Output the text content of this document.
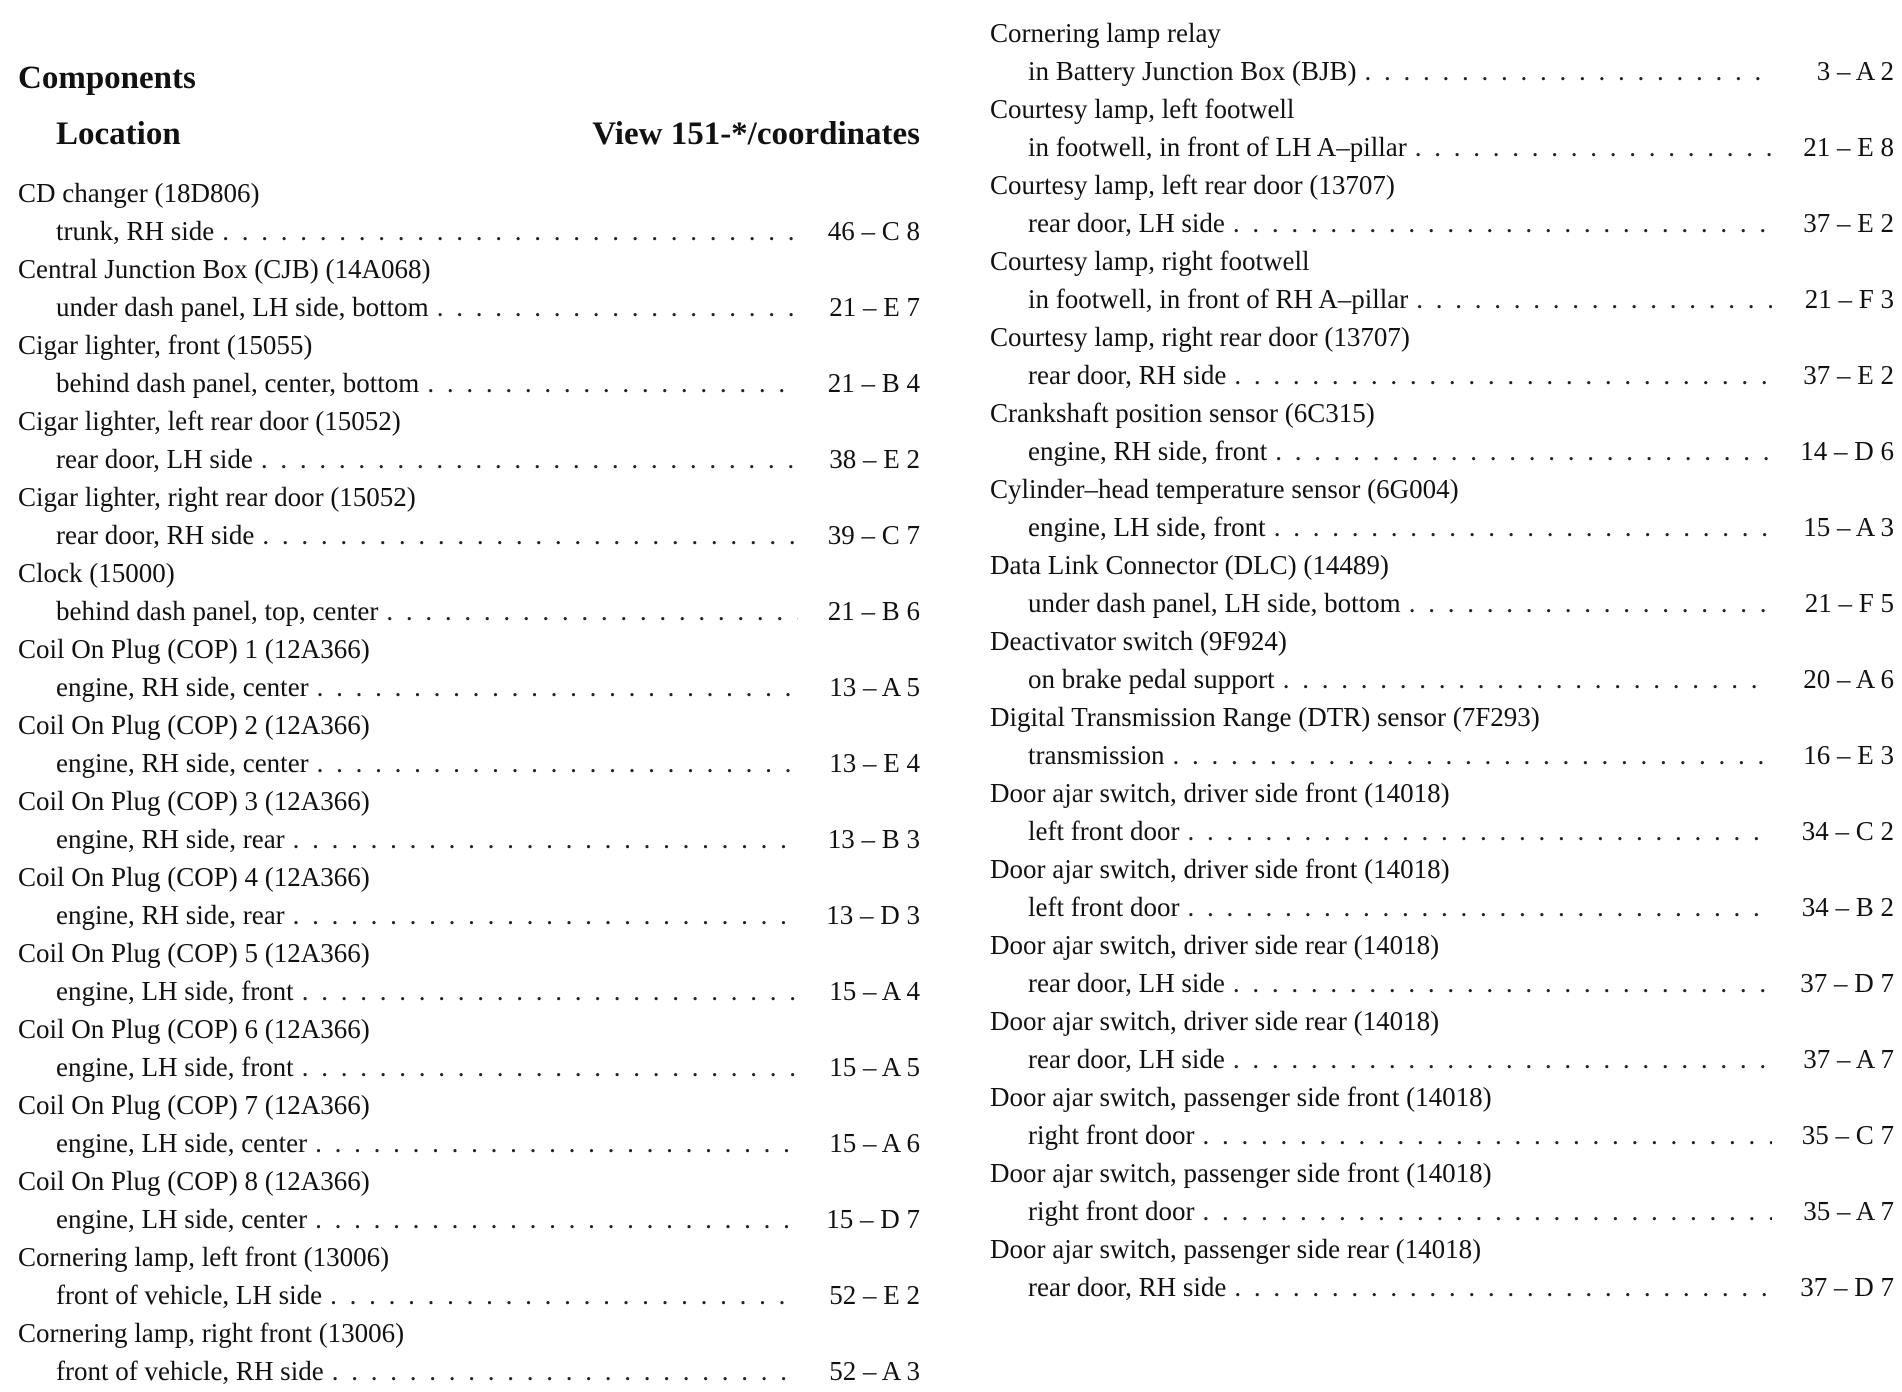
Components
Location	View 151-*/coordinates
CD changer (18D806)
trunk, RH side . . .	46 – C 8
Central Junction Box (CJB) (14A068)
under dash panel, LH side, bottom . . .	21 – E 7
Cigar lighter, front (15055)
behind dash panel, center, bottom . . .	21 – B 4
Cigar lighter, left rear door (15052)
rear door, LH side . . .	38 – E 2
Cigar lighter, right rear door (15052)
rear door, RH side . . .	39 – C 7
Clock (15000)
behind dash panel, top, center . . .	21 – B 6
Coil On Plug (COP) 1 (12A366)
engine, RH side, center . . .	13 – A 5
Coil On Plug (COP) 2 (12A366)
engine, RH side, center . . .	13 – E 4
Coil On Plug (COP) 3 (12A366)
engine, RH side, rear . . .	13 – B 3
Coil On Plug (COP) 4 (12A366)
engine, RH side, rear . . .	13 – D 3
Coil On Plug (COP) 5 (12A366)
engine, LH side, front . . .	15 – A 4
Coil On Plug (COP) 6 (12A366)
engine, LH side, front . . .	15 – A 5
Coil On Plug (COP) 7 (12A366)
engine, LH side, center . . .	15 – A 6
Coil On Plug (COP) 8 (12A366)
engine, LH side, center . . .	15 – D 7
Cornering lamp, left front (13006)
front of vehicle, LH side . . .	52 – E 2
Cornering lamp, right front (13006)
front of vehicle, RH side . . .	52 – A 3
Cornering lamp relay
in Battery Junction Box (BJB) . . .	3 – A 2
Courtesy lamp, left footwell
in footwell, in front of LH A–pillar . . .	21 – E 8
Courtesy lamp, left rear door (13707)
rear door, LH side . . .	37 – E 2
Courtesy lamp, right footwell
in footwell, in front of RH A–pillar . . .	21 – F 3
Courtesy lamp, right rear door (13707)
rear door, RH side . . .	37 – E 2
Crankshaft position sensor (6C315)
engine, RH side, front . . .	14 – D 6
Cylinder–head temperature sensor (6G004)
engine, LH side, front . . .	15 – A 3
Data Link Connector (DLC) (14489)
under dash panel, LH side, bottom . . .	21 – F 5
Deactivator switch (9F924)
on brake pedal support . . .	20 – A 6
Digital Transmission Range (DTR) sensor (7F293)
transmission . . .	16 – E 3
Door ajar switch, driver side front (14018)
left front door . . .	34 – C 2
Door ajar switch, driver side front (14018)
left front door . . .	34 – B 2
Door ajar switch, driver side rear (14018)
rear door, LH side . . .	37 – D 7
Door ajar switch, driver side rear (14018)
rear door, LH side . . .	37 – A 7
Door ajar switch, passenger side front (14018)
right front door . . .	35 – C 7
Door ajar switch, passenger side front (14018)
right front door . . .	35 – A 7
Door ajar switch, passenger side rear (14018)
rear door, RH side . . .	37 – D 7
